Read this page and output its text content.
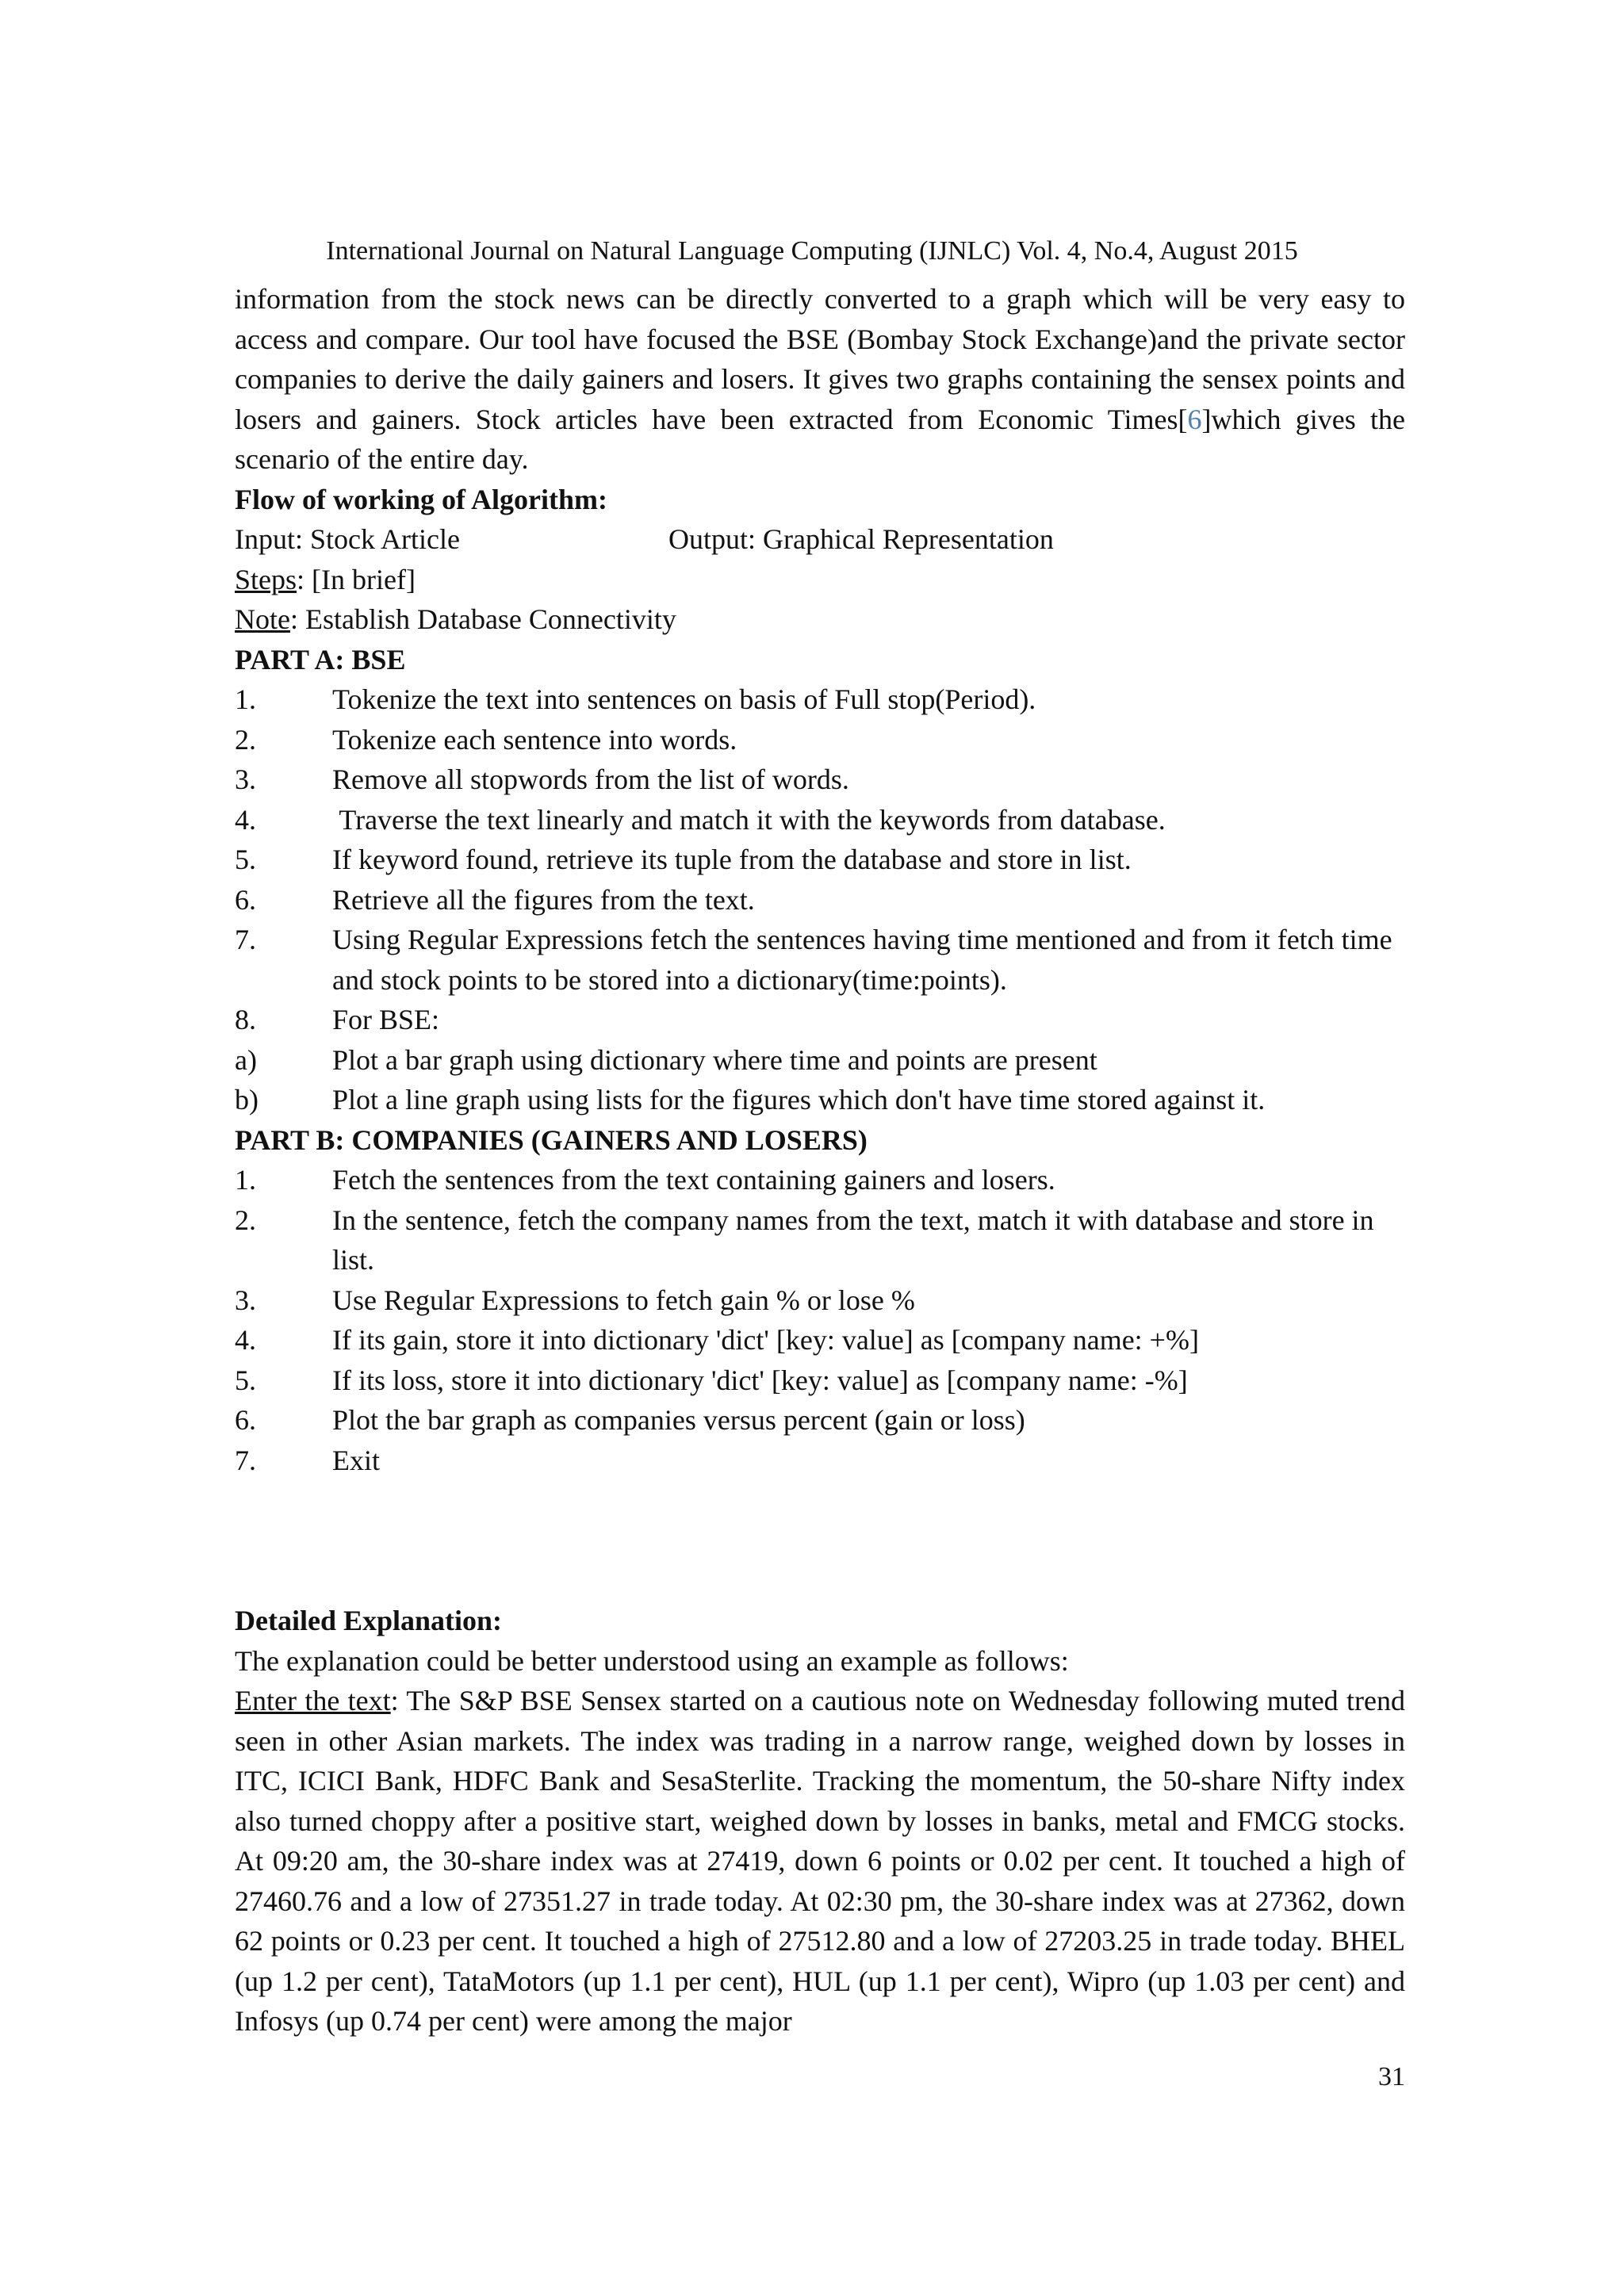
International Journal on Natural Language Computing (IJNLC) Vol. 4, No.4, August 2015

information from the stock news can be directly converted to a graph which will be very easy to access and compare. Our tool have focused the BSE (Bombay Stock Exchange)and the private sector companies to derive the daily gainers and losers. It gives two graphs containing the sensex points and losers and gainers. Stock articles have been extracted from Economic Times[6]which gives the scenario of the entire day.

Flow of working of Algorithm:

Input: Stock Article	Output: Graphical Representation

Steps: [In brief]

Note: Establish Database Connectivity

PART A: BSE

1.	Tokenize the text into sentences on basis of Full stop(Period).
2.	Tokenize each sentence into words.
3.	Remove all stopwords from the list of words.
4.	Traverse the text linearly and match it with the keywords from database.
5.	If keyword found, retrieve its tuple from the database and store in list.
6.	Retrieve all the figures from the text.
7.	Using Regular Expressions fetch the sentences having time mentioned and from it fetch time and stock points to be stored into a dictionary(time:points).
8.	For BSE:
a)	Plot a bar graph using dictionary where time and points are present
b)	Plot a line graph using lists for the figures which don't have time stored against it.

PART B: COMPANIES (GAINERS AND LOSERS)

1.	Fetch the sentences from the text containing gainers and losers.
2.	In the sentence, fetch the company names from the text, match it with database and store in list.
3.	Use Regular Expressions to fetch gain % or lose %
4.	If its gain, store it into dictionary 'dict' [key: value] as [company name: +%]
5.	If its loss, store it into dictionary 'dict' [key: value] as [company name: -%]
6.	Plot the bar graph as companies versus percent (gain or loss)
7.	Exit

Detailed Explanation:

The explanation could be better understood using an example as follows:

Enter the text: The S&P BSE Sensex started on a cautious note on Wednesday following muted trend seen in other Asian markets. The index was trading in a narrow range, weighed down by losses in ITC, ICICI Bank, HDFC Bank and SesaSterlite. Tracking the momentum, the 50-share Nifty index also turned choppy after a positive start, weighed down by losses in banks, metal and FMCG stocks. At 09:20 am, the 30-share index was at 27419, down 6 points or 0.02 per cent. It touched a high of 27460.76 and a low of 27351.27 in trade today. At 02:30 pm, the 30-share index was at 27362, down 62 points or 0.23 per cent. It touched a high of 27512.80 and a low of 27203.25 in trade today. BHEL (up 1.2 per cent), TataMotors (up 1.1 per cent), HUL (up 1.1 per cent), Wipro (up 1.03 per cent) and Infosys (up 0.74 per cent) were among the major

31
